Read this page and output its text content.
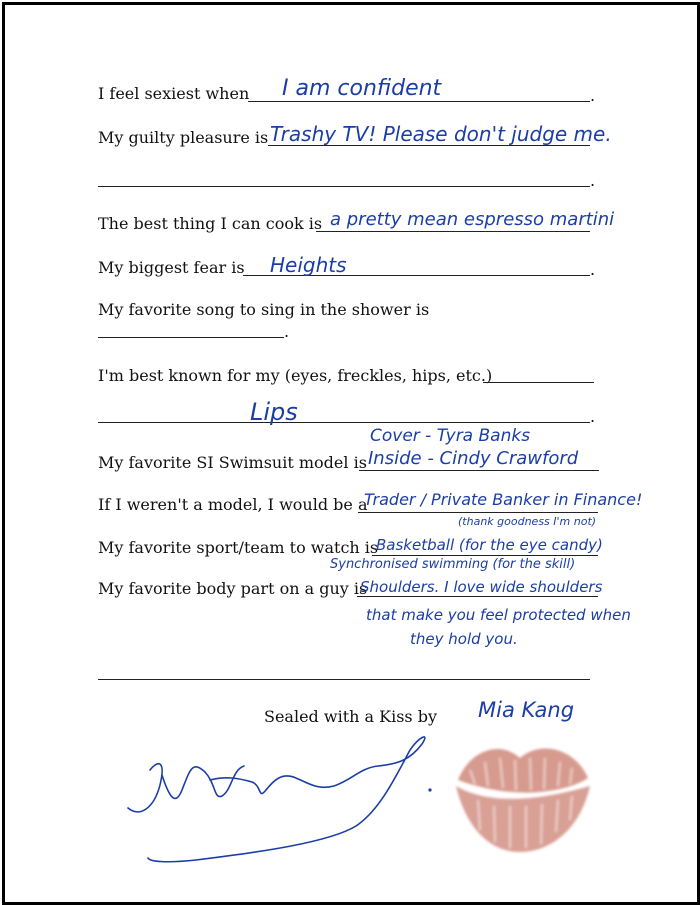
I feel sexiest when	.
I am confident
My guilty pleasure is Trashy TV! Please don't judge me.
.
The best thing I can cook is a pretty mean espresso martini
My biggest fear is	.
Heights
My favorite song to sing in the shower is
.
I'm best known for my (eyes, freckles, hips, etc.)
.
Lips
Cover - Tyra Banks
My favorite SI Swimsuit model is Inside - Cindy Crawford
If I weren't a model, I would be a
Trader / Private Banker in Finance!
(thank goodness I'm not)
My favorite sport/team to watch is
Basketball (for the eye candy)
Synchronised swimming (for the skill)
My favorite body part on a guy is
Shoulders. I love wide shoulders
that make you feel protected when
they hold you.
Sealed with a Kiss by Mia Kang
